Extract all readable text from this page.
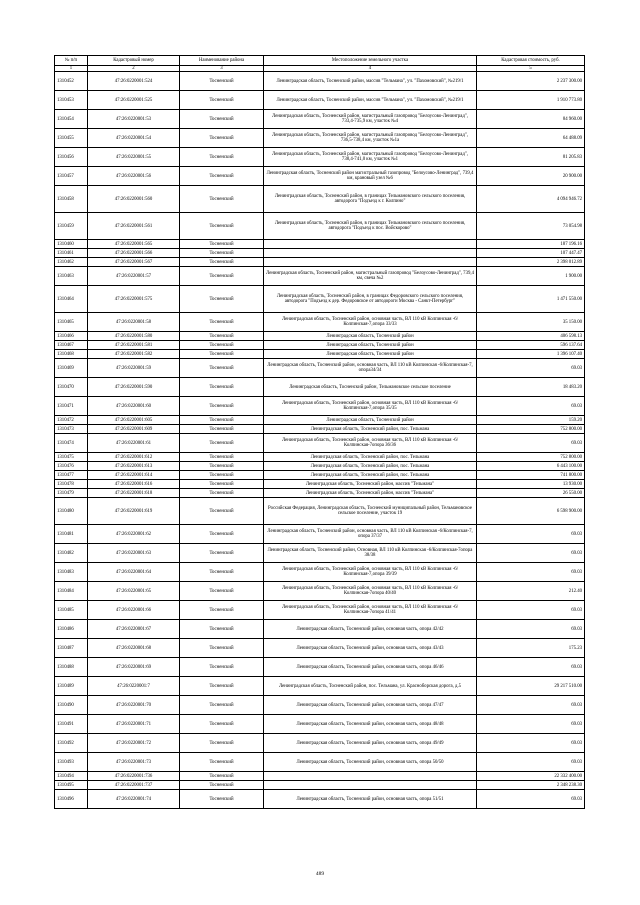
№ п/п	Кадастровый номер	Наименование района	Местоположение земельного участка	Кадастровая стоимость, руб.
1	2	3	4	5
1310452	47:26:0220001:524	Тосненский	Ленинградская область, Тосненский район, массив "Тельмана", уч. "Пахомовский", №219/1	2 237 300.00
1310453	47:26:0220001:525	Тосненский	Ленинградская область, Тосненский район, массив "Тельмана", уч. "Пахомовский", №219/1	1 910 773.80
1310454	47:26:0220001:53	Тосненский	Ленинградская область, Тосненский район, магистральный газопровод "Белоусово-Ленинград", 733,4-735,9 км, участок №4	84 960.00
1310455	47:26:0220001:54	Тосненский	Ленинградская область, Тосненский район, магистральный газопровод "Белоусово-Ленинград", 736,5-738,4 км, участок №1а	64 488.09
1310456	47:26:0220001:55	Тосненский	Ленинградская область, Тосненский район, магистральный газопровод "Белоусово-Ленинград", 738,4-741,0 км, участок №1	81 205.83
1310457	47:26:0220001:56	Тосненский	Ленинградская область, Тосненский район магистральный газопровод "Белоусово-Ленинград", 739,4 км, крановый узел №6	20 900.00
1310458	47:26:0220001:560	Тосненский	Ленинградская область, Тосненский район, в границах Тельмановского сельского поселения, автодорога "Подъезд к г. Колпино"	4 094 946.72
1310459	47:26:0220001:561	Тосненский	Ленинградская область, Тосненский район, в границах Тельмановского сельского поселения, автодорога "Подъезд к пос. Войскорово"	73 054.98
1310460	47:26:0220001:565	Тосненский		187 196.16
1310461	47:26:0220001:566	Тосненский		107 447.47
1310462	47:26:0220001:567	Тосненский		2 398 012.89
1310463	47:26:0220001:57	Тосненский	Ленинградская область, Тосненский район, магистральный газопровод "Белоусово-Ленинград", 739,4 км, свеча №2	1 900.00
1310464	47:26:0220001:575	Тосненский	Ленинградская область, Тосненский район, в границах Федоровского сельского поселения, автодорога "Подъезд к дер. Федоровское от автодороги Москва - Санкт-Петербург"	1 471 550.00
1310465	47:26:0220001:58	Тосненский	Ленинградская область, Тосненский район, основная часть, ВЛ 110 кВ Колпинская -6/Колпинская-7,опора 33/33	35 150.00
1310466	47:26:0220001:580	Тосненский	Ленинградская область, Тосненский район	406 598.13
1310467	47:26:0220001:581	Тосненский	Ленинградская область, Тосненский район	596 137.64
1310468	47:26:0220001:582	Тосненский	Ленинградская область, Тосненский район	1 396 107.40
1310469	47:26:0220001:59	Тосненский	Ленинградская область, Тосненский район, основная часть, ВЛ 110 кВ Колпинская -6/Колпинская-7, опора34/34	69.03
1310470	47:26:0220001:590	Тосненский	Ленинградская область, Тосненский район, Тельмановское сельское поселение	18 483.20
1310471	47:26:0220001:60	Тосненский	Ленинградская область, Тосненский район, основная часть, ВЛ 110 кВ Колпинская -6/Колпинская-7,опора 35/35	69.03
1310472	47:26:0220001:605	Тосненский	Ленинградская область, Тосненский район	159.20
1310473	47:26:0220001:609	Тосненский	Ленинградская область, Тосненский район, пос. Тельмана	752 800.00
1310474	47:26:0220001:61	Тосненский	Ленинградская область, Тосненский район, основная часть, ВЛ 110 кВ Колпинская -6/Колпинская-7опора 36/36	69.03
1310475	47:26:0220001:612	Тосненский	Ленинградская область, Тосненский район, пос. Тельмана	752 800.00
1310476	47:26:0220001:613	Тосненский	Ленинградская область, Тосненский район, пос. Тельмана	6 443 100.00
1310477	47:26:0220001:614	Тосненский	Ленинградская область, Тосненский район, пос. Тельмана	741 800.00
1310478	47:26:0220001:616	Тосненский	Ленинградская область, Тосненский район, массив "Тельмана"	13 930.00
1310479	47:26:0220001:618	Тосненский	Ленинградская область, Тосненский район, массив "Тельмана"	26 550.00
1310480	47:26:0220001:619	Тосненский	Российская Федерация, Ленинградская область, Тосненский муниципальный район, Тельмановское сельское поселение, участок 19	6 598 900.00
1310481	47:26:0220001:62	Тосненский	Ленинградская область, Тосненский район, основная часть, ВЛ 110 кВ Колпинская -6/Колпинская-7, опора 37/37	69.03
1310482	47:26:0220001:63	Тосненский	Ленинградская область, Тосненский район, Основная, ВЛ 110 кВ Колпинская -6/Колпинская-7опора 38/38	69.03
1310483	47:26:0220001:64	Тосненский	Ленинградская область, Тосненский район, основная часть, ВЛ 110 кВ Колпинская -6/Колпинская-7,опора 39/39	69.03
1310484	47:26:0220001:65	Тосненский	Ленинградская область, Тосненский район, основная часть, ВЛ 110 кВ Колпинская -6/Колпинская-7опора 40/40	212.40
1310485	47:26:0220001:66	Тосненский	Ленинградская область, Тосненский район, основная часть, ВЛ 110 кВ Колпинская -6/Колпинская-7опора 41/41	69.03
1310486	47:26:0220001:67	Тосненский	Ленинградская область, Тосненский район, основная часть, опора 42/42	69.03
1310487	47:26:0220001:68	Тосненский	Ленинградская область, Тосненский район, основная часть, опора 43/43	175.23
1310488	47:26:0220001:69	Тосненский	Ленинградская область, Тосненский район, основная часть, опора 46/46	69.03
1310489	47:26:0220001:7	Тосненский	Ленинградская область, Тосненский район, пос. Тельмана, ул. Красноборская дорога, д.5	29 217 510.00
1310490	47:26:0220001:70	Тосненский	Ленинградская область, Тосненский район, основная часть, опора 47/47	69.03
1310491	47:26:0220001:71	Тосненский	Ленинградская область, Тосненский район, основная часть, опора 48/48	69.03
1310492	47:26:0220001:72	Тосненский	Ленинградская область, Тосненский район, основная часть, опора 49/49	69.03
1310493	47:26:0220001:73	Тосненский	Ленинградская область, Тосненский район, основная часть, опора 50/50	69.03
1310494	47:26:0220001:736	Тосненский		22 332 400.00
1310495	47:26:0220001:737	Тосненский		2 348 238.30
1310496	47:26:0220001:74	Тосненский	Ленинградская область, Тосненский район, основная часть, опора 51/51	69.03
489
